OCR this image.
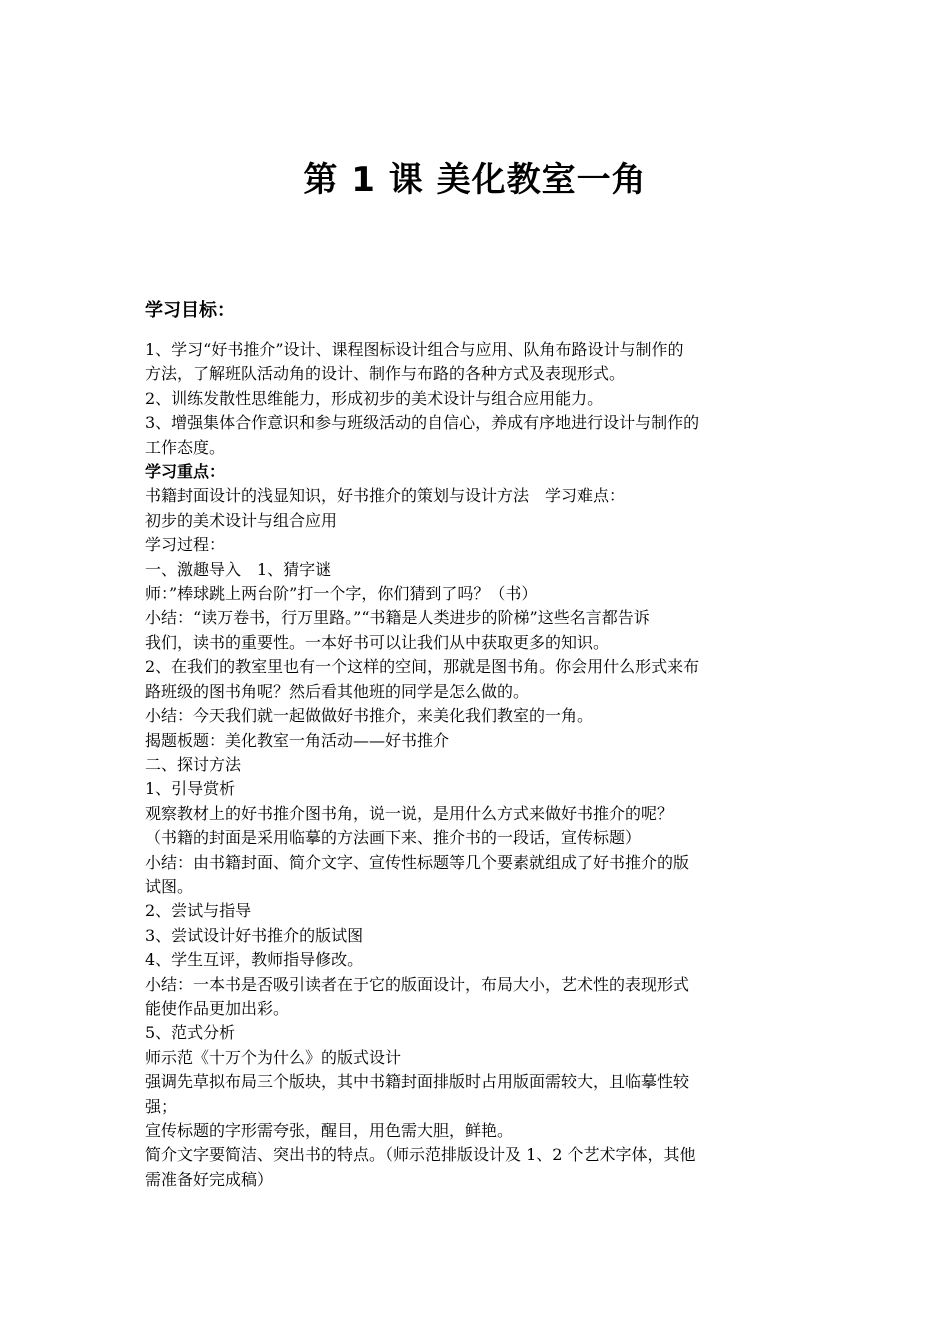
第 1 课 美化教室一角
学习目标：

1、学习“好书推介”设计、课程图标设计组合与应用、队角布路设计与制作的

方法，了解班队活动角的设计、制作与布路的各种方式及表现形式。

2、训练发散性思维能力，形成初步的美术设计与组合应用能力。

3、增强集体合作意识和参与班级活动的自信心，养成有序地进行设计与制作的

工作态度。

学习重点：

书籍封面设计的浅显知识，好书推介的策划与设计方法　学习难点：

初步的美术设计与组合应用

学习过程：

一、激趣导入　1、猜字谜

师：”棒球跳上两台阶”打一个字，你们猜到了吗？（书）

小结：“读万卷书，行万里路。”“书籍是人类进步的阶梯”这些名言都告诉

我们，读书的重要性。一本好书可以让我们从中获取更多的知识。

2、在我们的教室里也有一个这样的空间，那就是图书角。你会用什么形式来布

路班级的图书角呢？然后看其他班的同学是怎么做的。

小结：今天我们就一起做做好书推介，来美化我们教室的一角。

揭题板题：美化教室一角活动——好书推介

二、探讨方法

1、引导赏析

观察教材上的好书推介图书角，说一说，是用什么方式来做好书推介的呢？

（书籍的封面是采用临摹的方法画下来、推介书的一段话，宣传标题）

小结：由书籍封面、简介文字、宣传性标题等几个要素就组成了好书推介的版

试图。

2、尝试与指导

3、尝试设计好书推介的版试图

4、学生互评，教师指导修改。

小结：一本书是否吸引读者在于它的版面设计，布局大小，艺术性的表现形式

能使作品更加出彩。

5、范式分析

师示范《十万个为什么》的版式设计

强调先草拟布局三个版块，其中书籍封面排版时占用版面需较大，且临摹性较

强；

宣传标题的字形需夸张，醒目，用色需大胆，鲜艳。

简介文字要简洁、突出书的特点。（师示范排版设计及 1、2 个艺术字体，其他

需准备好完成稿）
